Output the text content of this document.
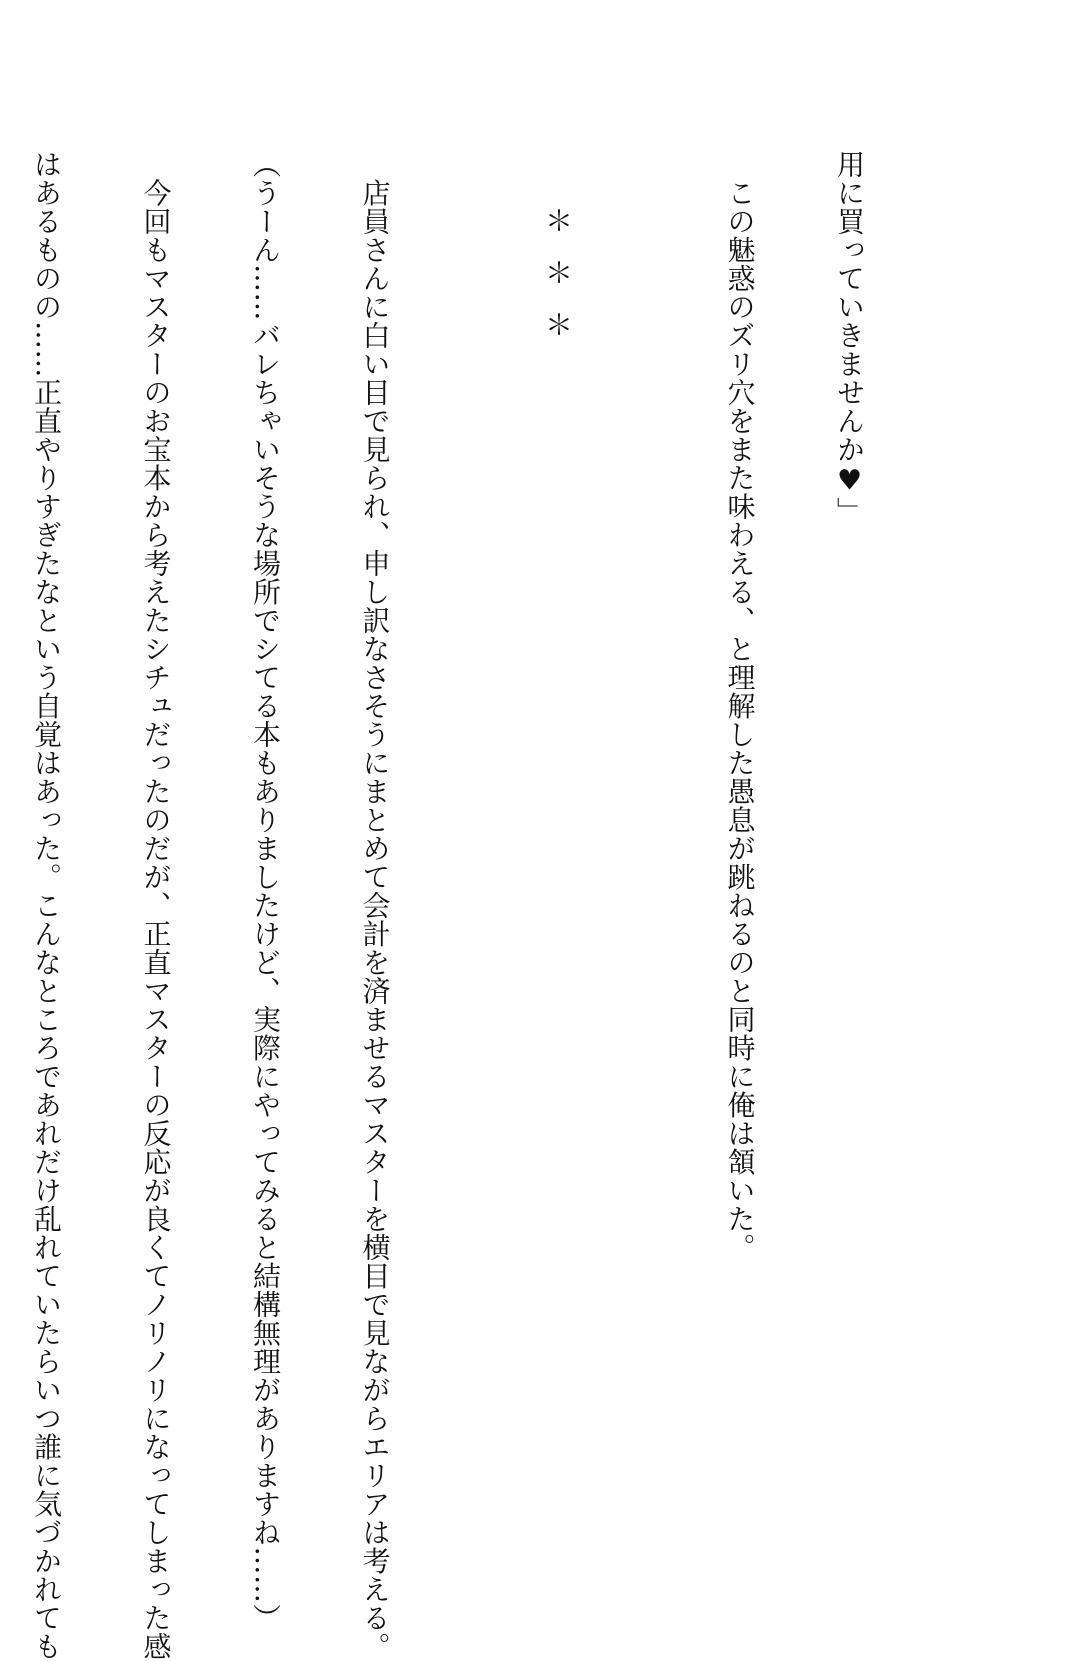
用に買っていきませんか♥」

　この魅惑のズリ穴をまた味わえる、と理解した愚息が跳ねるのと同時に俺は頷いた。

＊＊＊

　店員さんに白い目で見られ、申し訳なさそうにまとめて会計を済ませるマスターを横目で見ながらエリアは考える。

（うーん……バレちゃいそうな場所でシてる本もありましたけど、実際にやってみると結構無理がありますね……）

　今回もマスターのお宝本から考えたシチュだったのだが、正直マスターの反応が良くてノリノリになってしまった感

はあるものの……正直やりすぎたなという自覚はあった。こんなところであれだけ乱れていたらいつ誰に気づかれても
